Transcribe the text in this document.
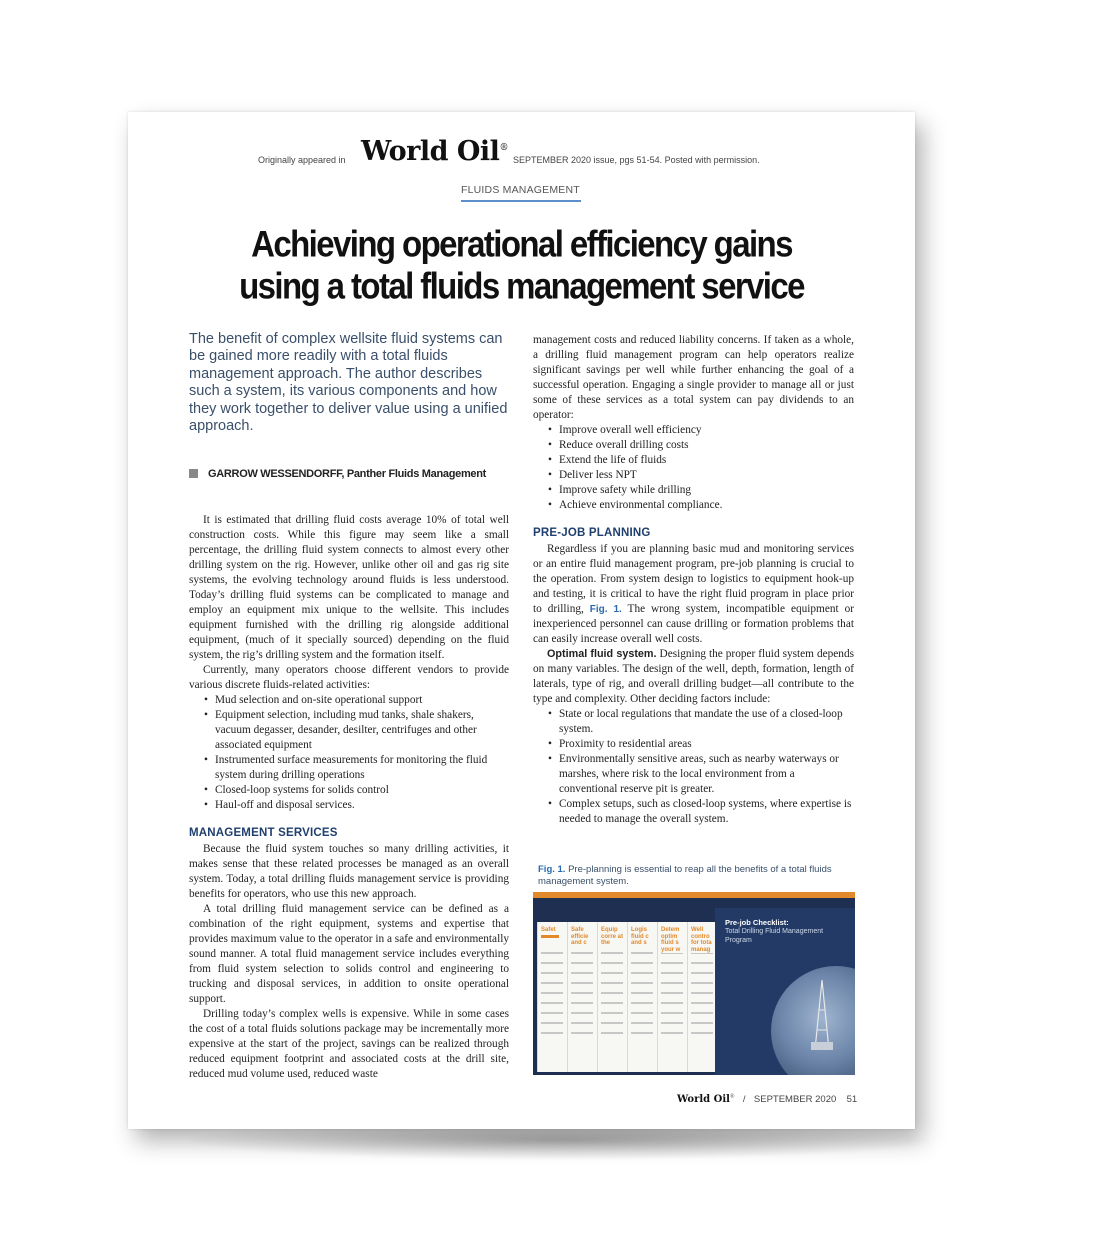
Originally appeared in World Oil®
SEPTEMBER 2020 issue, pgs 51-54. Posted with permission.
FLUIDS MANAGEMENT
Achieving operational efficiency gains
using a total fluids management service
The benefit of complex wellsite fluid systems can be gained more readily with a total fluids management approach. The author describes such a system, its various components and how they work together to deliver value using a unified approach.
GARROW WESSENDORFF, Panther Fluids Management

It is estimated that drilling fluid costs average 10% of total well construction costs. While this figure may seem like a small percentage, the drilling fluid system connects to almost every other drilling system on the rig. However, unlike other oil and gas rig site systems, the evolving technology around fluids is less understood. Today’s drilling fluid systems can be complicated to manage and employ an equipment mix unique to the wellsite. This includes equipment furnished with the drilling rig alongside additional equipment, (much of it specially sourced) depending on the fluid system, the rig’s drilling system and the formation itself.

Currently, many operators choose different vendors to provide various discrete fluids-related activities:

• Mud selection and on-site operational support
• Equipment selection, including mud tanks, shale shakers, vacuum degasser, desander, desilter, centrifuges and other associated equipment
• Instrumented surface measurements for monitoring the fluid system during drilling operations
• Closed-loop systems for solids control
• Haul-off and disposal services.
MANAGEMENT SERVICES

Because the fluid system touches so many drilling activities, it makes sense that these related processes be managed as an overall system. Today, a total drilling fluids management service is providing benefits for operators, who use this new approach.

A total drilling fluid management service can be defined as a combination of the right equipment, systems and expertise that provides maximum value to the operator in a safe and environmentally sound manner. A total fluid management service includes everything from fluid system selection to solids control and engineering to trucking and disposal services, in addition to onsite operational support.

Drilling today’s complex wells is expensive. While in some cases the cost of a total fluids solutions package may be incrementally more expensive at the start of the project, savings can be realized through reduced equipment footprint and associated costs at the drill site, reduced mud volume used, reduced waste

management costs and reduced liability concerns. If taken as a whole, a drilling fluid management program can help operators realize significant savings per well while further enhancing the goal of a successful operation. Engaging a single provider to manage all or just some of these services as a total system can pay dividends to an operator:

• Improve overall well efficiency
• Reduce overall drilling costs
• Extend the life of fluids
• Deliver less NPT
• Improve safety while drilling
• Achieve environmental compliance.
PRE-JOB PLANNING

Regardless if you are planning basic mud and monitoring services or an entire fluid management program, pre-job planning is crucial to the operation. From system design to logistics to equipment hook-up and testing, it is critical to have the right fluid program in place prior to drilling, Fig. 1. The wrong system, incompatible equipment or inexperienced personnel can cause drilling or formation problems that can easily increase overall well costs.

Optimal fluid system. Designing the proper fluid system depends on many variables. The design of the well, depth, formation, length of laterals, type of rig, and overall drilling budget—all contribute to the type and complexity. Other deciding factors include:

• State or local regulations that mandate the use of a closed-loop system.
• Proximity to residential areas
• Environmentally sensitive areas, such as nearby waterways or marshes, where risk to the local environment from a conventional reserve pit is greater.
• Complex setups, such as closed-loop systems, where expertise is needed to manage the overall system.
Fig. 1. Pre-planning is essential to reap all the benefits of a total fluids management system.
Safet	Safe efficie and c
Equip corre at the
Logis fluid c and s
Detem optim fluid s your w
Well contro for tota manag
Pre-job Checklist:
Total Drilling Fluid Management Program
World Oil® / SEPTEMBER 2020 51
